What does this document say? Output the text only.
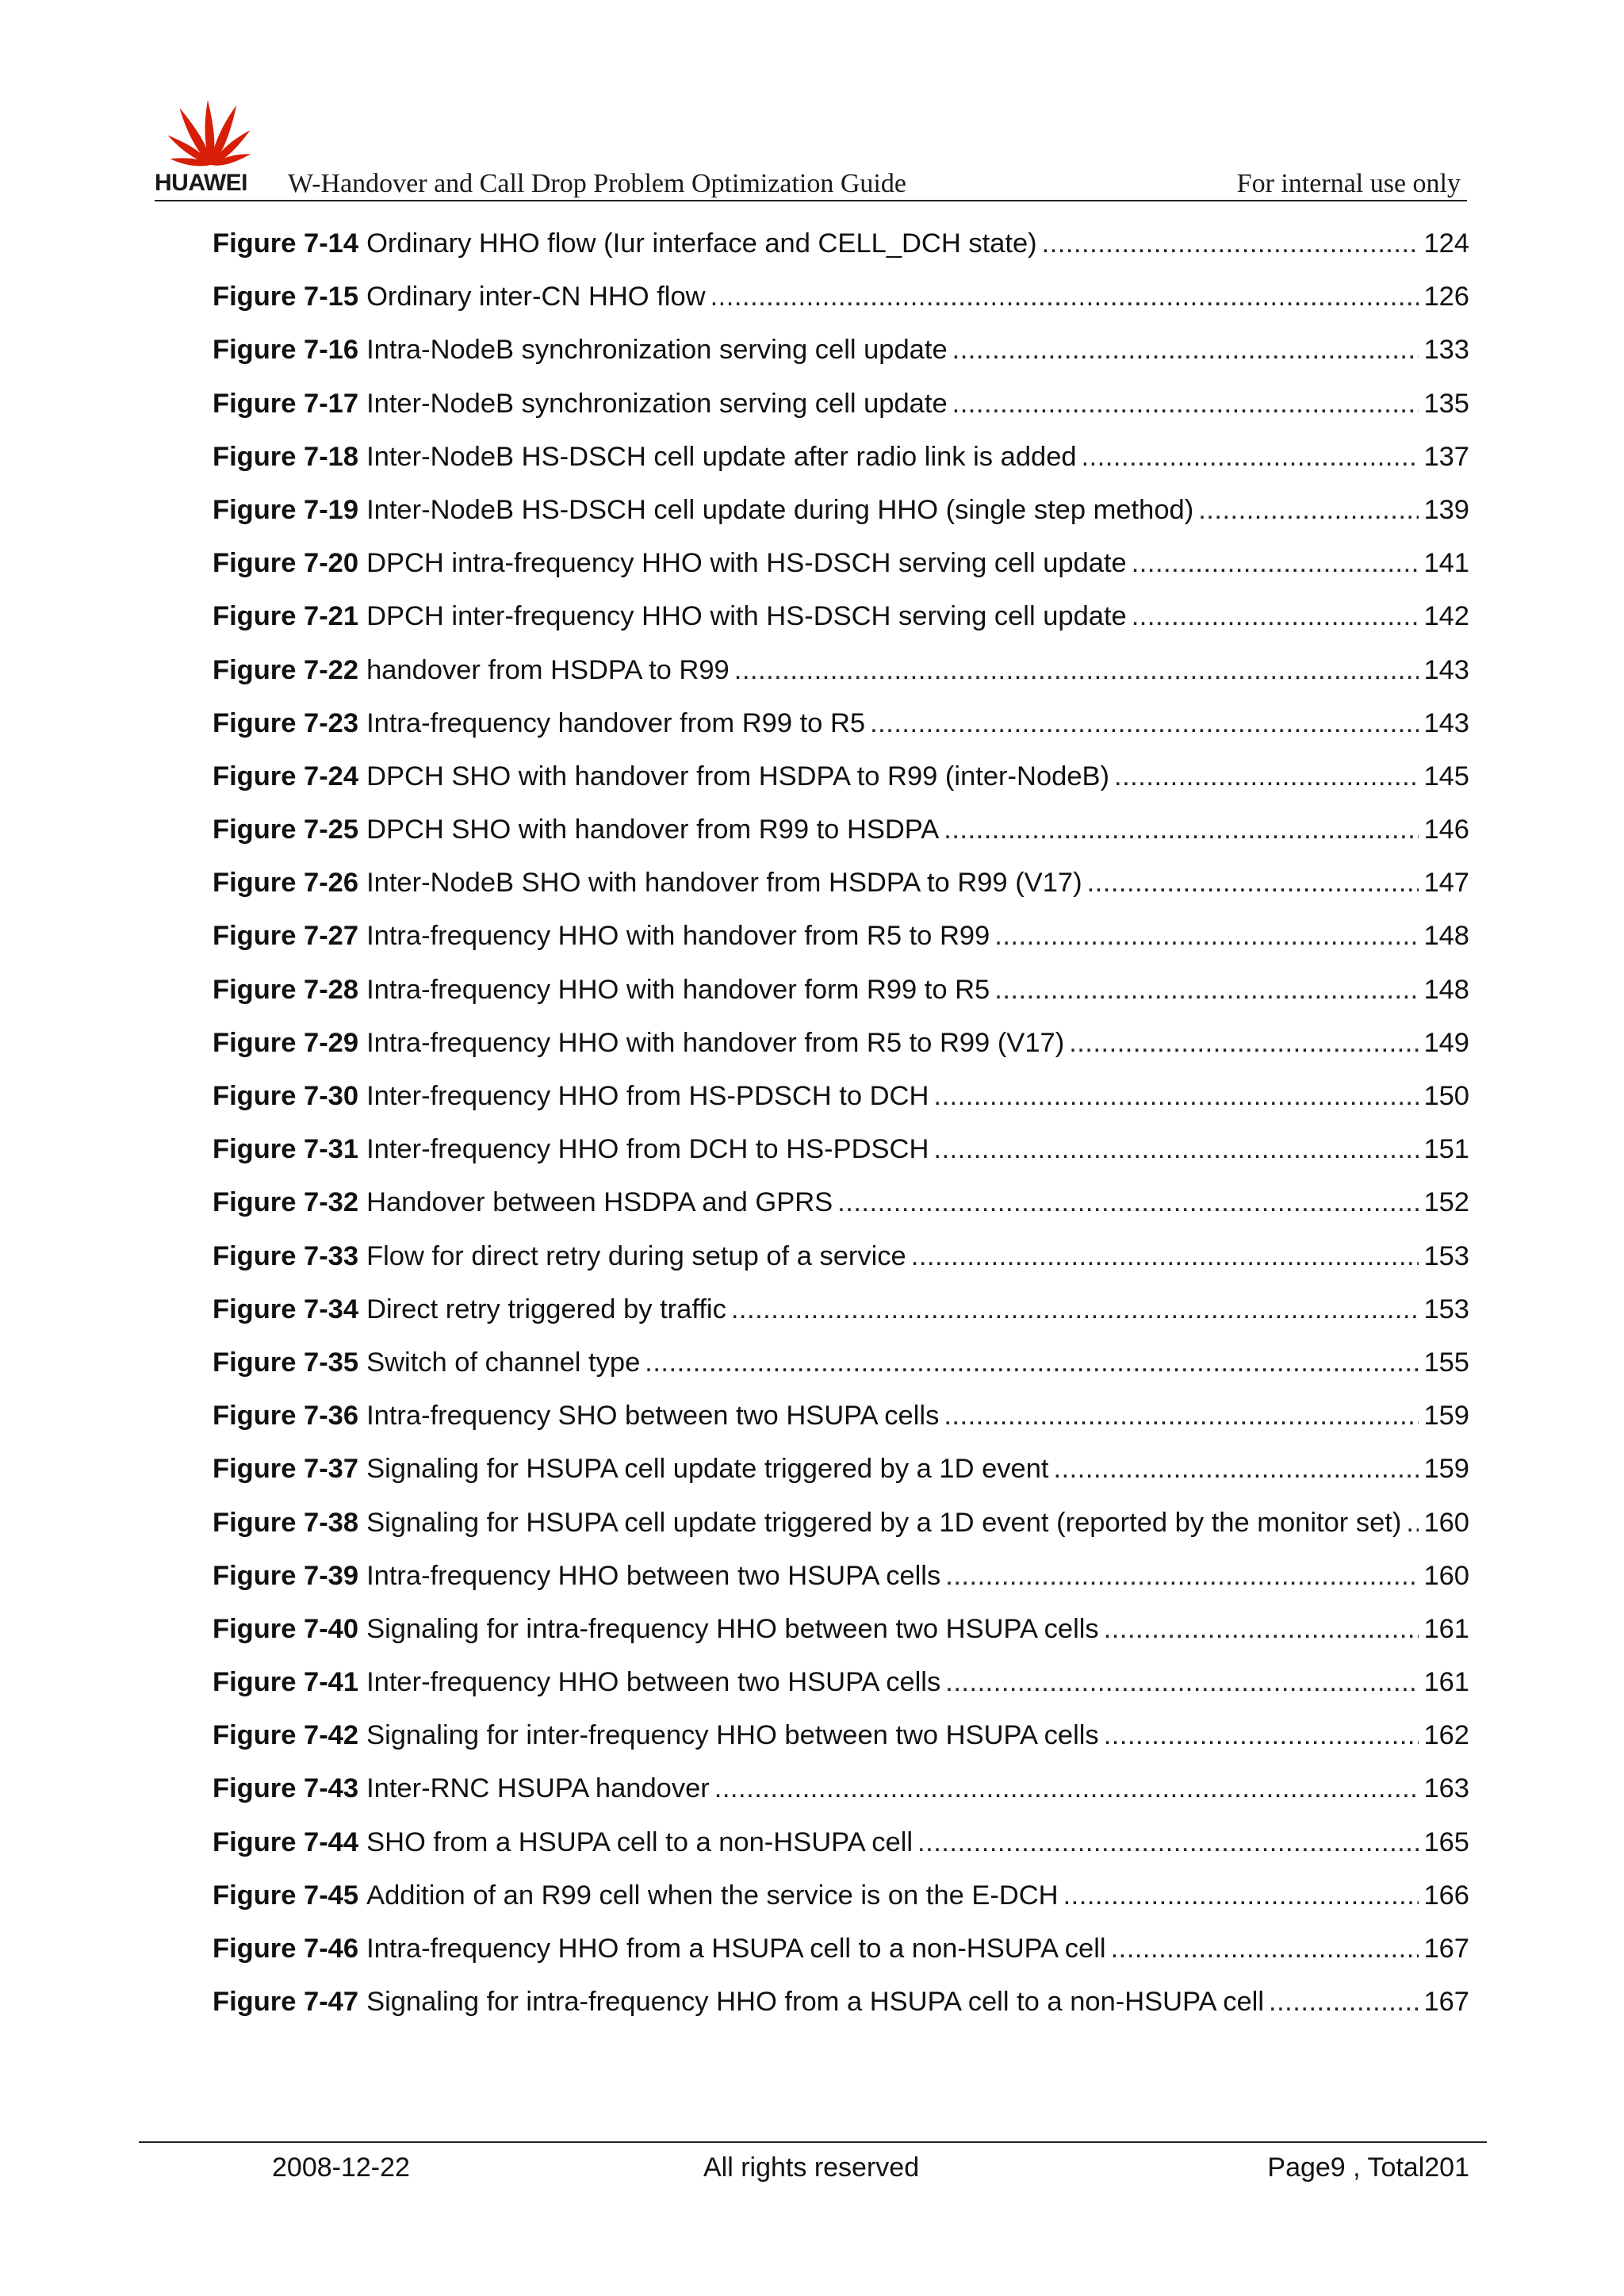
HUAWEI	W-Handover and Call Drop Problem Optimization Guide	For internal use only
Figure 7-14 Ordinary HHO flow (Iur interface and CELL_DCH state) .....	124
Figure 7-15 Ordinary inter-CN HHO flow .....	126
Figure 7-16 Intra-NodeB synchronization serving cell update .....	133
Figure 7-17 Inter-NodeB synchronization serving cell update .....	135
Figure 7-18 Inter-NodeB HS-DSCH cell update after radio link is added .....	137
Figure 7-19 Inter-NodeB HS-DSCH cell update during HHO (single step method) .....	139
Figure 7-20 DPCH intra-frequency HHO with HS-DSCH serving cell update .....	141
Figure 7-21 DPCH inter-frequency HHO with HS-DSCH serving cell update .....	142
Figure 7-22 handover from HSDPA to R99 .....	143
Figure 7-23 Intra-frequency handover from R99 to R5 .....	143
Figure 7-24 DPCH SHO with handover from HSDPA to R99 (inter-NodeB) .....	145
Figure 7-25 DPCH SHO with handover from R99 to HSDPA .....	146
Figure 7-26 Inter-NodeB SHO with handover from HSDPA to R99 (V17) .....	147
Figure 7-27 Intra-frequency HHO with handover from R5 to R99 .....	148
Figure 7-28 Intra-frequency HHO with handover form R99 to R5 .....	148
Figure 7-29 Intra-frequency HHO with handover from R5 to R99 (V17) .....	149
Figure 7-30 Inter-frequency HHO from HS-PDSCH to DCH .....	150
Figure 7-31 Inter-frequency HHO from DCH to HS-PDSCH .....	151
Figure 7-32 Handover between HSDPA and GPRS .....	152
Figure 7-33 Flow for direct retry during setup of a service .....	153
Figure 7-34 Direct retry triggered by traffic .....	153
Figure 7-35 Switch of channel type .....	155
Figure 7-36 Intra-frequency SHO between two HSUPA cells .....	159
Figure 7-37 Signaling for HSUPA cell update triggered by a 1D event .....	159
Figure 7-38 Signaling for HSUPA cell update triggered by a 1D event (reported by the monitor set) ..... 160
Figure 7-39 Intra-frequency HHO between two HSUPA cells .....	160
Figure 7-40 Signaling for intra-frequency HHO between two HSUPA cells .....	161
Figure 7-41 Inter-frequency HHO between two HSUPA cells .....	161
Figure 7-42 Signaling for inter-frequency HHO between two HSUPA cells .....	162
Figure 7-43 Inter-RNC HSUPA handover .....	163
Figure 7-44 SHO from a HSUPA cell to a non-HSUPA cell .....	165
Figure 7-45 Addition of an R99 cell when the service is on the E-DCH .....	166
Figure 7-46 Intra-frequency HHO from a HSUPA cell to a non-HSUPA cell .....	167
Figure 7-47 Signaling for intra-frequency HHO from a HSUPA cell to a non-HSUPA cell .....	167
2008-12-22	All rights reserved	Page9 , Total201
